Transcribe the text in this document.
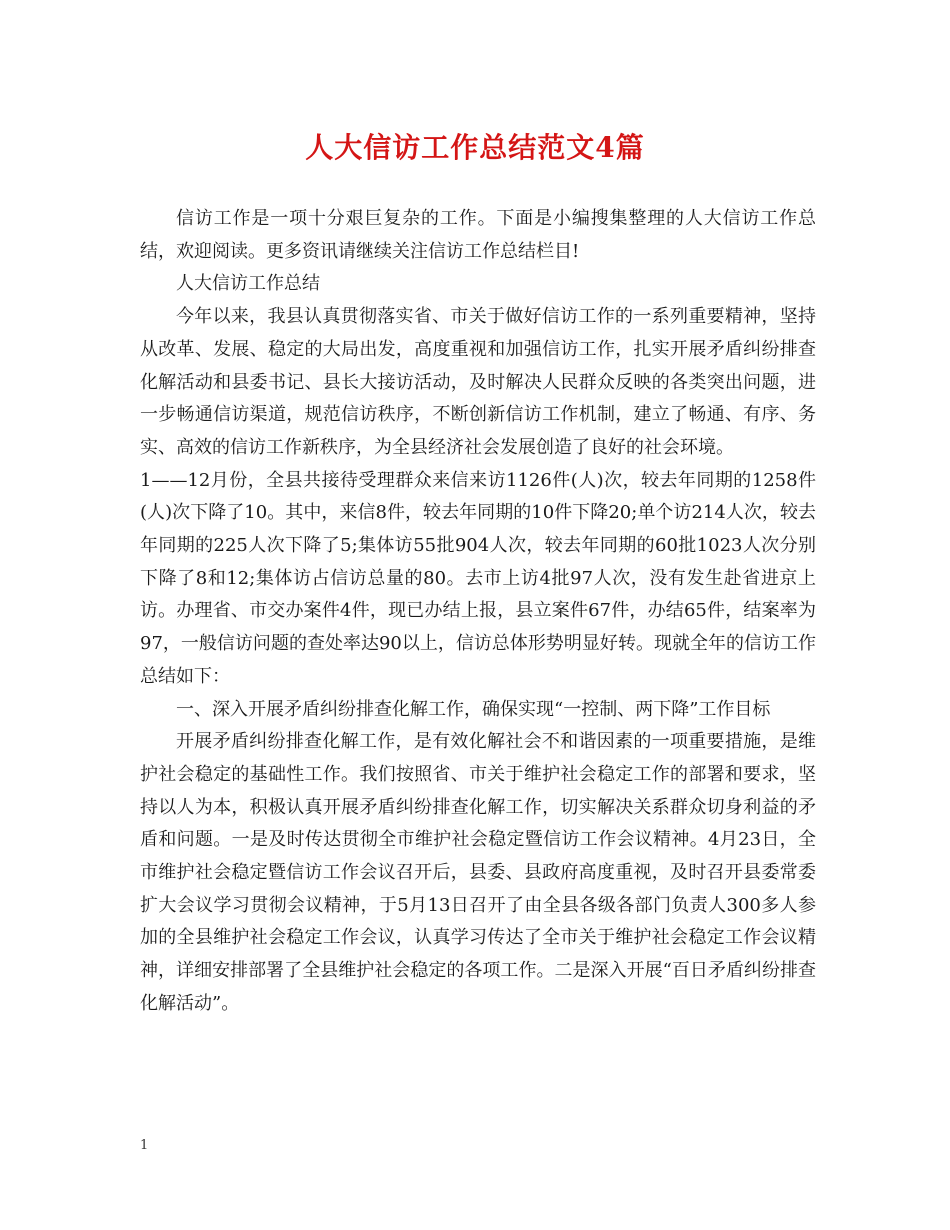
人大信访工作总结范文4篇

信访工作是一项十分艰巨复杂的工作。下面是小编搜集整理的人大信访工作总结，欢迎阅读。更多资讯请继续关注信访工作总结栏目!

人大信访工作总结

今年以来，我县认真贯彻落实省、市关于做好信访工作的一系列重要精神，坚持从改革、发展、稳定的大局出发，高度重视和加强信访工作，扎实开展矛盾纠纷排查化解活动和县委书记、县长大接访活动，及时解决人民群众反映的各类突出问题，进一步畅通信访渠道，规范信访秩序，不断创新信访工作机制，建立了畅通、有序、务实、高效的信访工作新秩序，为全县经济社会发展创造了良好的社会环境。

1——12月份，全县共接待受理群众来信来访1126件(人)次，较去年同期的1258件(人)次下降了10。其中，来信8件，较去年同期的10件下降20;单个访214人次，较去年同期的225人次下降了5;集体访55批904人次，较去年同期的60批1023人次分别下降了8和12;集体访占信访总量的80。去市上访4批97人次，没有发生赴省进京上访。办理省、市交办案件4件，现已办结上报，县立案件67件，办结65件，结案率为97，一般信访问题的查处率达90以上，信访总体形势明显好转。现就全年的信访工作总结如下：

一、深入开展矛盾纠纷排查化解工作，确保实现“一控制、两下降”工作目标

开展矛盾纠纷排查化解工作，是有效化解社会不和谐因素的一项重要措施，是维护社会稳定的基础性工作。我们按照省、市关于维护社会稳定工作的部署和要求，坚持以人为本，积极认真开展矛盾纠纷排查化解工作，切实解决关系群众切身利益的矛盾和问题。一是及时传达贯彻全市维护社会稳定暨信访工作会议精神。4月23日，全市维护社会稳定暨信访工作会议召开后，县委、县政府高度重视，及时召开县委常委扩大会议学习贯彻会议精神，于5月13日召开了由全县各级各部门负责人300多人参加的全县维护社会稳定工作会议，认真学习传达了全市关于维护社会稳定工作会议精神，详细安排部署了全县维护社会稳定的各项工作。二是深入开展“百日矛盾纠纷排查化解活动”。

1
